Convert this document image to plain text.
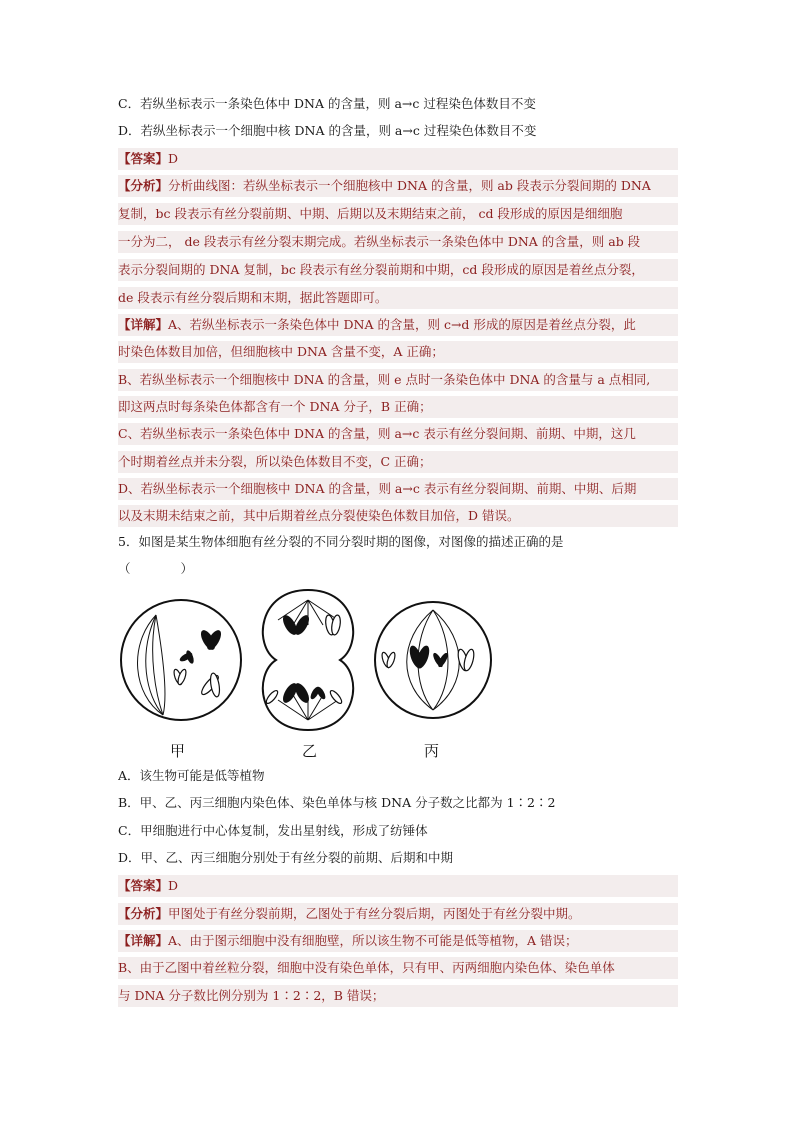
C．若纵坐标表示一条染色体中 DNA 的含量，则 a→c 过程染色体数目不变
D．若纵坐标表示一个细胞中核 DNA 的含量，则 a→c 过程染色体数目不变
【答案】D
【分析】分析曲线图：若纵坐标表示一个细胞核中 DNA 的含量，则 ab 段表示分裂间期的 DNA
复制，bc 段表示有丝分裂前期、中期、后期以及末期结束之前， cd 段形成的原因是细细胞
一分为二， de 段表示有丝分裂末期完成。若纵坐标表示一条染色体中 DNA 的含量，则 ab 段
表示分裂间期的 DNA 复制，bc 段表示有丝分裂前期和中期，cd 段形成的原因是着丝点分裂，
de 段表示有丝分裂后期和末期，据此答题即可。
【详解】A、若纵坐标表示一条染色体中 DNA 的含量，则 c→d 形成的原因是着丝点分裂，此
时染色体数目加倍，但细胞核中 DNA 含量不变，A 正确；
B、若纵坐标表示一个细胞核中 DNA 的含量，则 e 点时一条染色体中 DNA 的含量与 a 点相同,
即这两点时每条染色体都含有一个 DNA 分子，B 正确；
C、若纵坐标表示一条染色体中 DNA 的含量，则 a→c 表示有丝分裂间期、前期、中期，这几
个时期着丝点并未分裂，所以染色体数目不变，C 正确；
D、若纵坐标表示一个细胞核中 DNA 的含量，则 a→c 表示有丝分裂间期、前期、中期、后期
以及末期未结束之前，其中后期着丝点分裂使染色体数目加倍，D 错误。
5．如图是某生物体细胞有丝分裂的不同分裂时期的图像，对图像的描述正确的是
（　　　　）
甲	乙	丙
A．该生物可能是低等植物
B．甲、乙、丙三细胞内染色体、染色单体与核 DNA 分子数之比都为 1∶2∶2
C．甲细胞进行中心体复制，发出星射线，形成了纺锤体
D．甲、乙、丙三细胞分别处于有丝分裂的前期、后期和中期
【答案】D
【分析】甲图处于有丝分裂前期，乙图处于有丝分裂后期，丙图处于有丝分裂中期。
【详解】A、由于图示细胞中没有细胞壁，所以该生物不可能是低等植物，A 错误；
B、由于乙图中着丝粒分裂，细胞中没有染色单体，只有甲、丙两细胞内染色体、染色单体
与 DNA 分子数比例分别为 1∶2∶2，B 错误；
